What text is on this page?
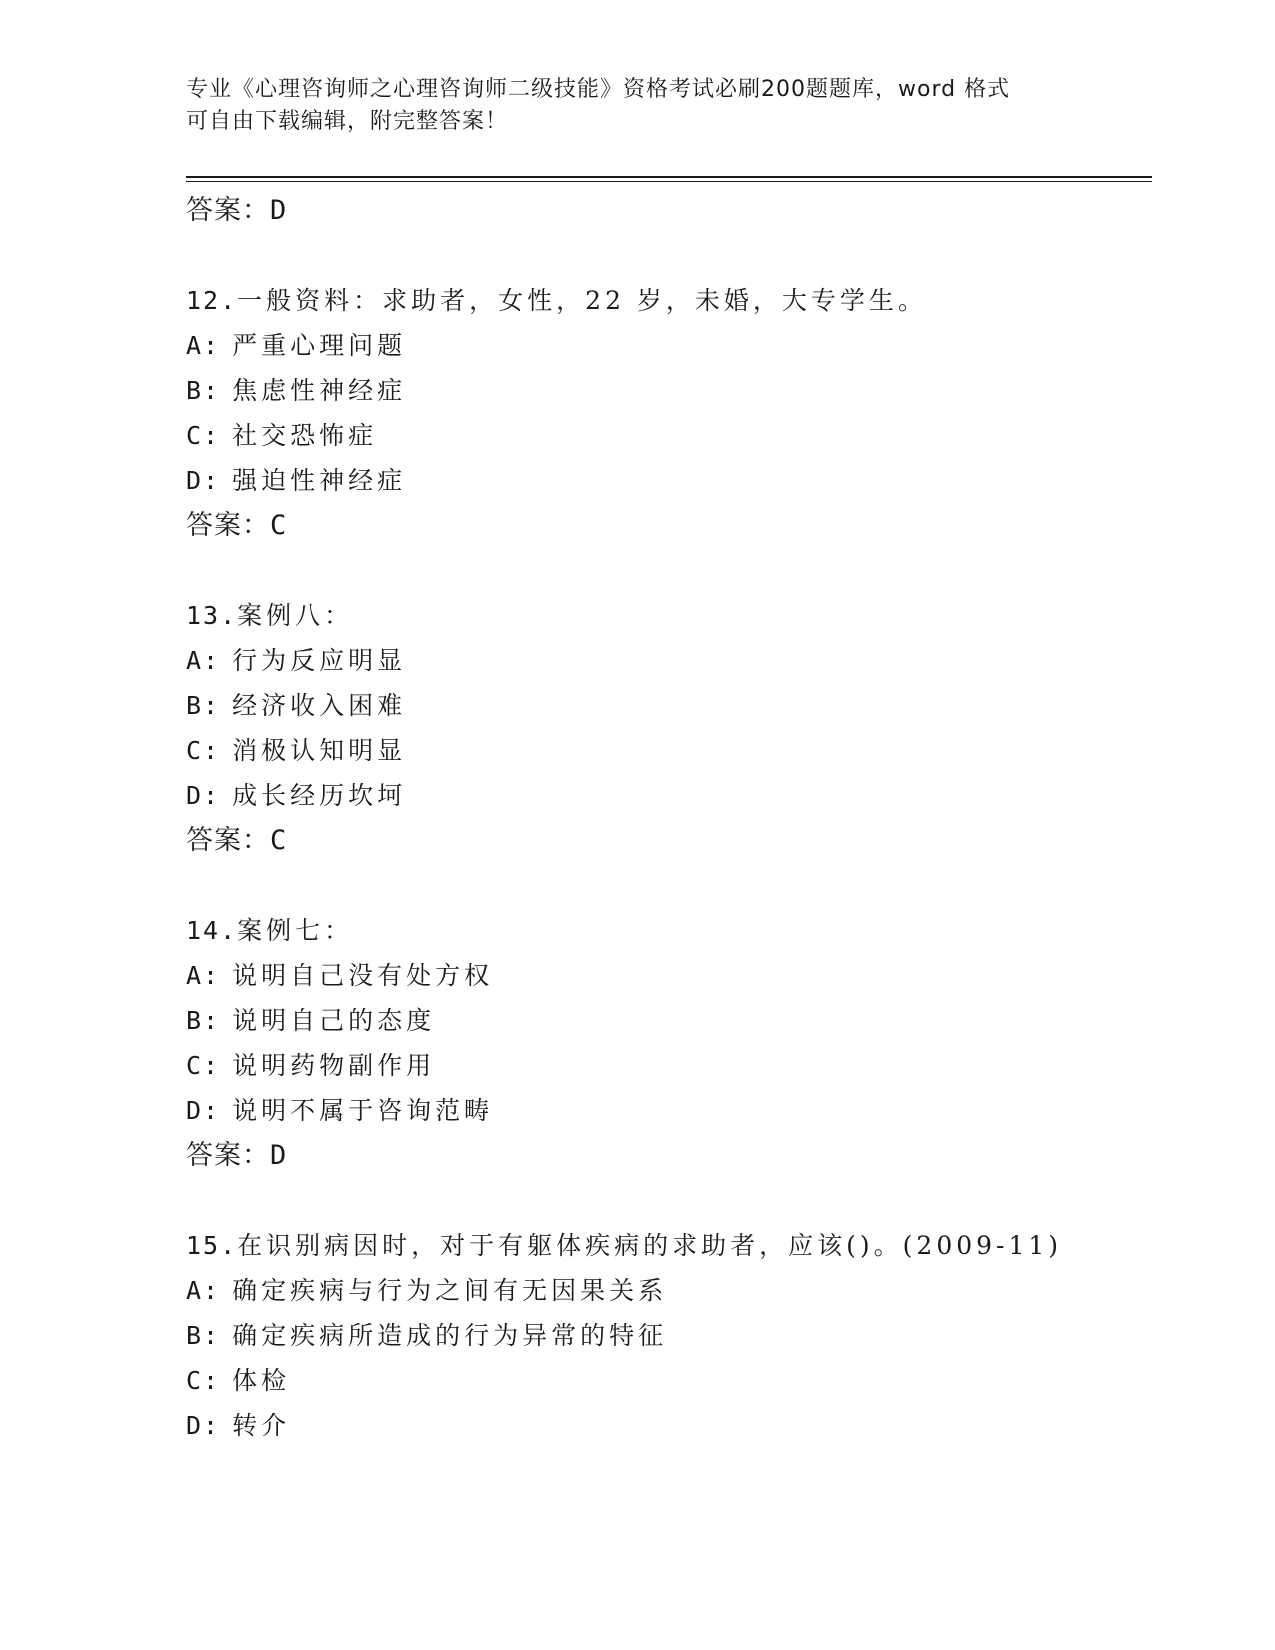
专业《心理咨询师之心理咨询师二级技能》资格考试必刷200题题库，word 格式
可自由下载编辑，附完整答案！
答案：D
12.一般资料：求助者，女性，22 岁，未婚，大专学生。
A: 严重心理问题
B: 焦虑性神经症
C: 社交恐怖症
D: 强迫性神经症
答案：C
13.案例八：
A: 行为反应明显
B: 经济收入困难
C: 消极认知明显
D: 成长经历坎坷
答案：C
14.案例七：
A: 说明自己没有处方权
B: 说明自己的态度
C: 说明药物副作用
D: 说明不属于咨询范畴
答案：D
15.在识别病因时，对于有躯体疾病的求助者，应该()。(2009-11)
A: 确定疾病与行为之间有无因果关系
B: 确定疾病所造成的行为异常的特征
C: 体检
D: 转介
